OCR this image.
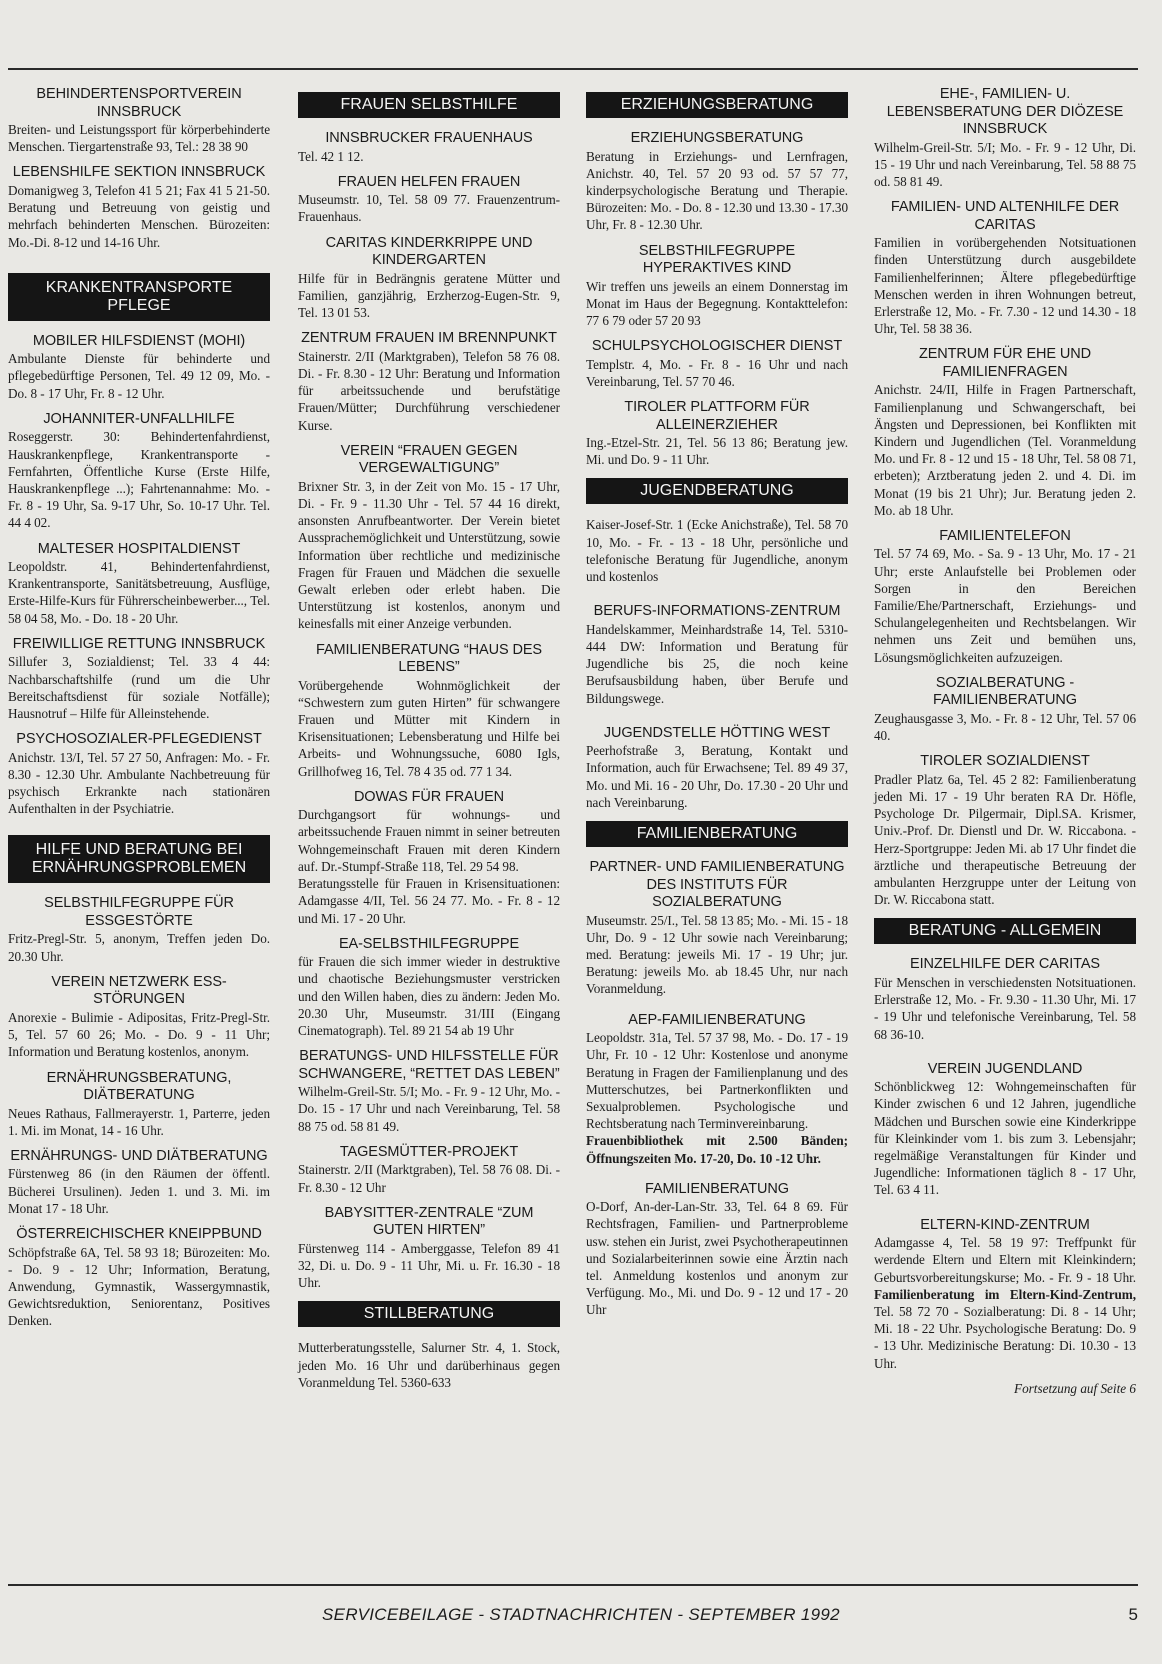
BEHINDERTENSPORTVEREIN INNSBRUCK

Breiten- und Leistungssport für körperbehinderte Menschen. Tiergartenstraße 93, Tel.: 28 38 90

LEBENSHILFE SEKTION INNSBRUCK

Domanigweg 3, Telefon 41 5 21; Fax 41 5 21-50. Beratung und Betreuung von geistig und mehrfach behinderten Menschen. Bürozeiten: Mo.-Di. 8-12 und 14-16 Uhr.

KRANKENTRANSPORTE PFLEGE

MOBILER HILFSDIENST (MOHI)

Ambulante Dienste für behinderte und pflegebedürftige Personen, Tel. 49 12 09, Mo. - Do. 8 - 17 Uhr, Fr. 8 - 12 Uhr.

JOHANNITER-UNFALLHILFE

Roseggerstr. 30: Behindertenfahrdienst, Hauskrankenpflege, Krankentransporte - Fernfahrten, Öffentliche Kurse (Erste Hilfe, Hauskrankenpflege ...); Fahrtenannahme: Mo. - Fr. 8 - 19 Uhr, Sa. 9-17 Uhr, So. 10-17 Uhr. Tel. 44 4 02.

MALTESER HOSPITALDIENST

Leopoldstr. 41, Behindertenfahrdienst, Krankentransporte, Sanitätsbetreuung, Ausflüge, Erste-Hilfe-Kurs für Führerscheinbewerber..., Tel. 58 04 58, Mo. - Do. 18 - 20 Uhr.

FREIWILLIGE RETTUNG INNSBRUCK

Sillufer 3, Sozialdienst; Tel. 33 4 44: Nachbarschaftshilfe (rund um die Uhr Bereitschaftsdienst für soziale Notfälle); Hausnotruf – Hilfe für Alleinstehende.

PSYCHOSOZIALER-PFLEGEDIENST

Anichstr. 13/I, Tel. 57 27 50, Anfragen: Mo. - Fr. 8.30 - 12.30 Uhr. Ambulante Nachbetreuung für psychisch Erkrankte nach stationären Aufenthalten in der Psychiatrie.

HILFE UND BERATUNG BEI ERNÄHRUNGSPROBLEMEN

SELBSTHILFEGRUPPE FÜR ESSGESTÖRTE

Fritz-Pregl-Str. 5, anonym, Treffen jeden Do. 20.30 Uhr.

VEREIN NETZWERK ESS-STÖRUNGEN

Anorexie - Bulimie - Adipositas, Fritz-Pregl-Str. 5, Tel. 57 60 26; Mo. - Do. 9 - 11 Uhr; Information und Beratung kostenlos, anonym.

ERNÄHRUNGSBERATUNG, DIÄTBERATUNG

Neues Rathaus, Fallmerayerstr. 1, Parterre, jeden 1. Mi. im Monat, 14 - 16 Uhr.

ERNÄHRUNGS- UND DIÄTBERATUNG

Fürstenweg 86 (in den Räumen der öffentl. Bücherei Ursulinen). Jeden 1. und 3. Mi. im Monat 17 - 18 Uhr.

ÖSTERREICHISCHER KNEIPPBUND

Schöpfstraße 6A, Tel. 58 93 18; Bürozeiten: Mo. - Do. 9 - 12 Uhr; Information, Beratung, Anwendung, Gymnastik, Wassergymnastik, Gewichtsreduktion, Seniorentanz, Positives Denken.

FRAUEN SELBSTHILFE

INNSBRUCKER FRAUENHAUS

Tel. 42 1 12.

FRAUEN HELFEN FRAUEN

Museumstr. 10, Tel. 58 09 77. Frauenzentrum-Frauenhaus.

CARITAS KINDERKRIPPE UND KINDERGARTEN

Hilfe für in Bedrängnis geratene Mütter und Familien, ganzjährig, Erzherzog-Eugen-Str. 9, Tel. 13 01 53.

ZENTRUM FRAUEN IM BRENNPUNKT

Stainerstr. 2/II (Marktgraben), Telefon 58 76 08. Di. - Fr. 8.30 - 12 Uhr: Beratung und Information für arbeitssuchende und berufstätige Frauen/Mütter; Durchführung verschiedener Kurse.

VEREIN “FRAUEN GEGEN VERGEWALTIGUNG”

Brixner Str. 3, in der Zeit von Mo. 15 - 17 Uhr, Di. - Fr. 9 - 11.30 Uhr - Tel. 57 44 16 direkt, ansonsten Anrufbeantworter. Der Verein bietet Aussprachemöglichkeit und Unterstützung, sowie Information über rechtliche und medizinische Fragen für Frauen und Mädchen die sexuelle Gewalt erleben oder erlebt haben. Die Unterstützung ist kostenlos, anonym und keinesfalls mit einer Anzeige verbunden.

FAMILIENBERATUNG “HAUS DES LEBENS”

Vorübergehende Wohnmöglichkeit der “Schwestern zum guten Hirten” für schwangere Frauen und Mütter mit Kindern in Krisensituationen; Lebensberatung und Hilfe bei Arbeits- und Wohnungssuche, 6080 Igls, Grillhofweg 16, Tel. 78 4 35 od. 77 1 34.

DOWAS FÜR FRAUEN

Durchgangsort für wohnungs- und arbeitssuchende Frauen nimmt in seiner betreuten Wohngemeinschaft Frauen mit deren Kindern auf. Dr.-Stumpf-Straße 118, Tel. 29 54 98.

Beratungsstelle für Frauen in Krisensituationen: Adamgasse 4/II, Tel. 56 24 77. Mo. - Fr. 8 - 12 und Mi. 17 - 20 Uhr.

EA-SELBSTHILFEGRUPPE

für Frauen die sich immer wieder in destruktive und chaotische Beziehungsmuster verstricken und den Willen haben, dies zu ändern: Jeden Mo. 20.30 Uhr, Museumstr. 31/III (Eingang Cinematograph). Tel. 89 21 54 ab 19 Uhr

BERATUNGS- UND HILFSSTELLE FÜR SCHWANGERE, “RETTET DAS LEBEN”

Wilhelm-Greil-Str. 5/I; Mo. - Fr. 9 - 12 Uhr, Mo. - Do. 15 - 17 Uhr und nach Vereinbarung, Tel. 58 88 75 od. 58 81 49.

TAGESMÜTTER-PROJEKT

Stainerstr. 2/II (Marktgraben), Tel. 58 76 08. Di. - Fr. 8.30 - 12 Uhr

BABYSITTER-ZENTRALE “ZUM GUTEN HIRTEN”

Fürstenweg 114 - Amberggasse, Telefon 89 41 32, Di. u. Do. 9 - 11 Uhr, Mi. u. Fr. 16.30 - 18 Uhr.

STILLBERATUNG

Mutterberatungsstelle, Salurner Str. 4, 1. Stock, jeden Mo. 16 Uhr und darüberhinaus gegen Voranmeldung Tel. 5360-633

ERZIEHUNGSBERATUNG

ERZIEHUNGSBERATUNG

Beratung in Erziehungs- und Lernfragen, Anichstr. 40, Tel. 57 20 93 od. 57 57 77, kinderpsychologische Beratung und Therapie. Bürozeiten: Mo. - Do. 8 - 12.30 und 13.30 - 17.30 Uhr, Fr. 8 - 12.30 Uhr.

SELBSTHILFEGRUPPE HYPERAKTIVES KIND

Wir treffen uns jeweils an einem Donnerstag im Monat im Haus der Begegnung. Kontakttelefon: 77 6 79 oder 57 20 93

SCHULPSYCHOLOGISCHER DIENST

Templstr. 4, Mo. - Fr. 8 - 16 Uhr und nach Vereinbarung, Tel. 57 70 46.

TIROLER PLATTFORM FÜR ALLEINERZIEHER

Ing.-Etzel-Str. 21, Tel. 56 13 86; Beratung jew. Mi. und Do. 9 - 11 Uhr.

JUGENDBERATUNG

Kaiser-Josef-Str. 1 (Ecke Anichstraße), Tel. 58 70 10, Mo. - Fr. - 13 - 18 Uhr, persönliche und telefonische Beratung für Jugendliche, anonym und kostenlos

BERUFS-INFORMATIONS-ZENTRUM

Handelskammer, Meinhardstraße 14, Tel. 5310-444 DW: Information und Beratung für Jugendliche bis 25, die noch keine Berufsausbildung haben, über Berufe und Bildungswege.

JUGENDSTELLE HÖTTING WEST

Peerhofstraße 3, Beratung, Kontakt und Information, auch für Erwachsene; Tel. 89 49 37, Mo. und Mi. 16 - 20 Uhr, Do. 17.30 - 20 Uhr und nach Vereinbarung.

FAMILIENBERATUNG

PARTNER- UND FAMILIENBERATUNG DES INSTITUTS FÜR SOZIALBERATUNG

Museumstr. 25/I., Tel. 58 13 85; Mo. - Mi. 15 - 18 Uhr, Do. 9 - 12 Uhr sowie nach Vereinbarung; med. Beratung: jeweils Mi. 17 - 19 Uhr; jur. Beratung: jeweils Mo. ab 18.45 Uhr, nur nach Voranmeldung.

AEP-FAMILIENBERATUNG

Leopoldstr. 31a, Tel. 57 37 98, Mo. - Do. 17 - 19 Uhr, Fr. 10 - 12 Uhr: Kostenlose und anonyme Beratung in Fragen der Familienplanung und des Mutterschutzes, bei Partnerkonflikten und Sexualproblemen. Psychologische und Rechtsberatung nach Terminvereinbarung.

Frauenbibliothek mit 2.500 Bänden; Öffnungszeiten Mo. 17-20, Do. 10 -12 Uhr.

FAMILIENBERATUNG

O-Dorf, An-der-Lan-Str. 33, Tel. 64 8 69. Für Rechtsfragen, Familien- und Partnerprobleme usw. stehen ein Jurist, zwei Psychotherapeutinnen und Sozialarbeiterinnen sowie eine Ärztin nach tel. Anmeldung kostenlos und anonym zur Verfügung. Mo., Mi. und Do. 9 - 12 und 17 - 20 Uhr

EHE-, FAMILIEN- U. LEBENSBERATUNG DER DIÖZESE INNSBRUCK

Wilhelm-Greil-Str. 5/I; Mo. - Fr. 9 - 12 Uhr, Di. 15 - 19 Uhr und nach Vereinbarung, Tel. 58 88 75 od. 58 81 49.

FAMILIEN- UND ALTENHILFE DER CARITAS

Familien in vorübergehenden Notsituationen finden Unterstützung durch ausgebildete Familienhelferinnen; Ältere pflegebedürftige Menschen werden in ihren Wohnungen betreut, Erlerstraße 12, Mo. - Fr. 7.30 - 12 und 14.30 - 18 Uhr, Tel. 58 38 36.

ZENTRUM FÜR EHE UND FAMILIENFRAGEN

Anichstr. 24/II, Hilfe in Fragen Partnerschaft, Familienplanung und Schwangerschaft, bei Ängsten und Depressionen, bei Konflikten mit Kindern und Jugendlichen (Tel. Voranmeldung Mo. und Fr. 8 - 12 und 15 - 18 Uhr, Tel. 58 08 71, erbeten); Arztberatung jeden 2. und 4. Di. im Monat (19 bis 21 Uhr); Jur. Beratung jeden 2. Mo. ab 18 Uhr.

FAMILIENTELEFON

Tel. 57 74 69, Mo. - Sa. 9 - 13 Uhr, Mo. 17 - 21 Uhr; erste Anlaufstelle bei Problemen oder Sorgen in den Bereichen Familie/Ehe/Partnerschaft, Erziehungs- und Schulangelegenheiten und Rechtsbelangen. Wir nehmen uns Zeit und bemühen uns, Lösungsmöglichkeiten aufzuzeigen.

SOZIALBERATUNG - FAMILIENBERATUNG

Zeughausgasse 3, Mo. - Fr. 8 - 12 Uhr, Tel. 57 06 40.

TIROLER SOZIALDIENST

Pradler Platz 6a, Tel. 45 2 82: Familienberatung jeden Mi. 17 - 19 Uhr beraten RA Dr. Höfle, Psychologe Dr. Pilgermair, Dipl.SA. Krismer, Univ.-Prof. Dr. Dienstl und Dr. W. Riccabona. - Herz-Sportgruppe: Jeden Mi. ab 17 Uhr findet die ärztliche und therapeutische Betreuung der ambulanten Herzgruppe unter der Leitung von Dr. W. Riccabona statt.

BERATUNG - ALLGEMEIN

EINZELHILFE DER CARITAS

Für Menschen in verschiedensten Notsituationen. Erlerstraße 12, Mo. - Fr. 9.30 - 11.30 Uhr, Mi. 17 - 19 Uhr und telefonische Vereinbarung, Tel. 58 68 36-10.

VEREIN JUGENDLAND

Schönblickweg 12: Wohngemeinschaften für Kinder zwischen 6 und 12 Jahren, jugendliche Mädchen und Burschen sowie eine Kinderkrippe für Kleinkinder vom 1. bis zum 3. Lebensjahr; regelmäßige Veranstaltungen für Kinder und Jugendliche: Informationen täglich 8 - 17 Uhr, Tel. 63 4 11.

ELTERN-KIND-ZENTRUM

Adamgasse 4, Tel. 58 19 97: Treffpunkt für werdende Eltern und Eltern mit Kleinkindern; Geburtsvorbereitungskurse; Mo. - Fr. 9 - 18 Uhr. Familienberatung im Eltern-Kind-Zentrum, Tel. 58 72 70 - Sozialberatung: Di. 8 - 14 Uhr; Mi. 18 - 22 Uhr. Psychologische Beratung: Do. 9 - 13 Uhr. Medizinische Beratung: Di. 10.30 - 13 Uhr.

Fortsetzung auf Seite 6

SERVICEBEILAGE - STADTNACHRICHTEN - SEPTEMBER 1992	5
